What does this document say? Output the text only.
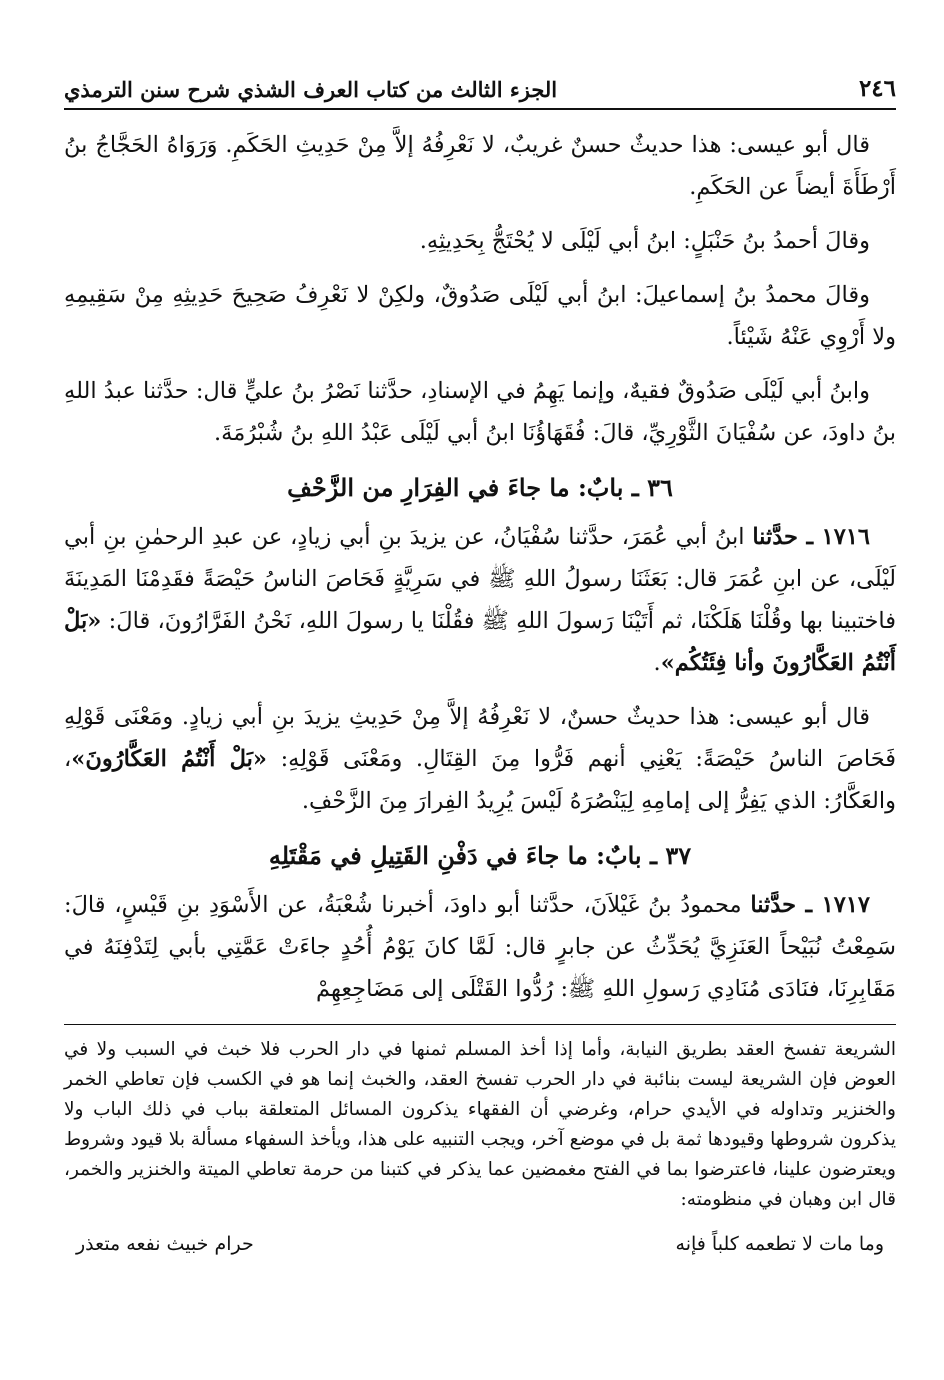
٢٤٦
الجزء الثالث من كتاب العرف الشذي شرح سنن الترمذي

قال أبو عيسى: هذا حديثٌ حسنٌ غريبٌ، لا نَعْرِفُهُ إلاَّ مِنْ حَدِيثِ الحَكَمِ. وَرَوَاهُ الحَجَّاجُ بنُ أَرْطَأَةَ أيضاً عن الحَكَمِ.

وقالَ أحمدُ بنُ حَنْبَلٍ: ابنُ أبي لَيْلَى لا يُحْتَجُّ بِحَدِيثِهِ.

وقالَ محمدُ بنُ إسماعيلَ: ابنُ أبي لَيْلَى صَدُوقٌ، ولكِنْ لا نَعْرِفُ صَحِيحَ حَدِيثِهِ مِنْ سَقِيمِهِ ولا أَرْوِي عَنْهُ شَيْئاً.

وابنُ أبي لَيْلَى صَدُوقٌ فقيهٌ، وإنما يَهِمُ في الإسنادِ، حدَّثنا نَصْرُ بنُ عليٍّ قال: حدَّثنا عبدُ اللهِ بنُ داودَ، عن سُفْيَانَ الثَّوْرِيِّ، قالَ: فُقَهَاؤُنَا ابنُ أبي لَيْلَى عَبْدُ اللهِ بنُ شُبْرُمَةَ.

٣٦ ـ بابٌ: ما جاءَ في الفِرَارِ من الزَّحْفِ

١٧١٦ ـ حدَّثنا ابنُ أبي عُمَرَ، حدَّثنا سُفْيَانُ، عن يزيدَ بنِ أبي زيادٍ، عن عبدِ الرحمٰنِ بنِ أبي لَيْلَى، عن ابنِ عُمَرَ قال: بَعَثَنَا رسولُ اللهِ ﷺ في سَرِيَّةٍ فَحَاصَ الناسُ حَيْصَةً فقَدِمْنَا المَدِينَةَ فاختبينا بها وقُلْنَا هَلَكْنَا، ثم أَتَيْنَا رَسولَ اللهِ ﷺ فقُلْنَا يا رسولَ اللهِ، نَحْنُ الفَرَّارُونَ، قالَ: «بَلْ أَنْتُمُ العَكَّارُونَ وأنا فِئَتُكُم».

قال أبو عيسى: هذا حديثٌ حسنٌ، لا نَعْرِفُهُ إلاَّ مِنْ حَدِيثِ يزيدَ بنِ أبي زيادٍ. ومَعْنَى قَوْلِهِ فَحَاصَ الناسُ حَيْصَةً: يَعْنِي أنهم فَرُّوا مِنَ القِتَالِ. ومَعْنَى قَوْلِهِ: «بَلْ أَنْتُمُ العَكَّارُونَ»، والعَكَّارُ: الذي يَفِرُّ إلى إمامِهِ لِيَنْصُرَهُ لَيْسَ يُرِيدُ الفِرارَ مِنَ الزَّحْفِ.

٣٧ ـ بابٌ: ما جاءَ في دَفْنِ القَتِيلِ في مَقْتَلِهِ

١٧١٧ ـ حدَّثنا محمودُ بنُ غَيْلاَنَ، حدَّثنا أبو داودَ، أخبرنا شُعْبَةُ، عن الأَسْوَدِ بنِ قَيْسٍ، قالَ: سَمِعْتُ نُبَيْحاً العَنَزِيَّ يُحَدِّثُ عن جابرٍ قال: لَمَّا كانَ يَوْمُ أُحُدٍ جاءَتْ عَمَّتِي بأبي لِتَدْفِنَهُ في مَقَابِرِنَا، فنَادَى مُنَادِي رَسولِ اللهِ ﷺ: رُدُّوا القَتْلَى إلى مَضَاجِعِهِمْ

الشريعة تفسخ العقد بطريق النيابة، وأما إذا أخذ المسلم ثمنها في دار الحرب فلا خبث في السبب ولا في العوض فإن الشريعة ليست بنائبة في دار الحرب تفسخ العقد، والخبث إنما هو في الكسب فإن تعاطي الخمر والخنزير وتداوله في الأيدي حرام، وغرضي أن الفقهاء يذكرون المسائل المتعلقة بباب في ذلك الباب ولا يذكرون شروطها وقيودها ثمة بل في موضع آخر، ويجب التنبيه على هذا، ويأخذ السفهاء مسألة بلا قيود وشروط ويعترضون علينا، فاعترضوا بما في الفتح مغمضين عما يذكر في كتبنا من حرمة تعاطي الميتة والخنزير والخمر، قال ابن وهبان في منظومته:

وما مات لا تطعمه كلباً فإنه
حرام خبيث نفعه متعذر
